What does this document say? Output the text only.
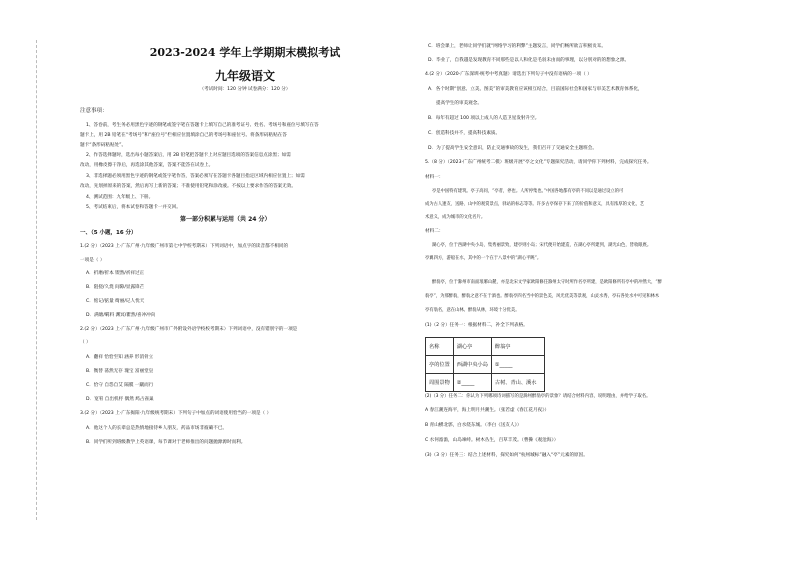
2023-2024 学年上学期期末模拟考试
九年级语文
（考试时间：120 分钟 试卷满分：120 分）
注意事项：
1、答卷前，考生务必用黑色字迹的钢笔或签字笔在答题卡上填写自己的准考证号、姓名、考场号和座位号填写在答
题卡上，用 2B 铅笔在“考场号”和“座位号”栏相应位置填涂自己的考场号和座位号。将条形码粘贴在答
题卡“条形码粘贴处”。
2、作答选择题时，选出每小题答案后，用 2B 铅笔把答题卡上对应题目选项的答案信息点涂黑；如需
改动，用橡皮擦干净后，再选涂其他答案，答案不能答在试卷上。
3、非选择题必须用黑色字迹的钢笔或签字笔作答，答案必须写在答题卡各题目指定区域内相应位置上；如需
改动，先划掉原来的答案，然后再写上新的答案；不准使用铅笔和涂改液。不按以上要求作答的答案无效。
4、测试范围：九年级上、下册。
5、考试结束后，将本试卷和答题卡一并交回。
第一部分积累与运用（共 24 分）
一、（5 小题，16 分）
1.(2 分）（2023 上·广东广州·九年级广州市第七中学校考期末）下列词语中，加点字的读音都不相同的
一项是（ ）
A．折磨/折本 锲然/祈祥过正
B．阻挠/久烧 间隙/显露锋芒
C．惦记/掂量 绮丽/记人忧天
D．满塘/羁料 渊冥/瞿然/喜冲冲向
2.(2 分）（2023 上·广东广州·九年级广州市广外附设外语学校校考期末）下列词语中，没有错别字的一项是
（ ）
A．翻祥 恰恰至知 涵养 形消骨立
B．衡替 荡然无存 瑰宝 富丽堂皇
C．恰守 自怨自艾 隔膜 一蹴而行
D．宽宥 自出机杼 偶然 鸠占雀巢
3.(2 分）（2023 上·广东揭阳·九年级统考期末）下列句子中加点的词语使用恰当的一项是（ ）
A．他这个人的长辈总是热情地接待乡人朋友，药品市场非彼确不已。
B．同学们听到班级教学上英语课，每节课对于老师推出的问题抛源源时而利。
C．班会课上，老师让同学们就“网络学习的利弊”主题发言，同学们畅所欲言积极贡耳。
D．毕业了，自我越是发现教育不同那些是以人和化是毛羽未由而的事理，以分别对的的想象之源。
4.(2 分）（2020·广东深圳·统考中考真题）请选出下列句子中没有语病的一项（ ）
A．各个时期“创意、立美、图美”的审美教育应该相互结合，目前国际社会和国家与审美艺术教育体系化，
提高学生的审美观念。
B．每年有超过 100 项以上成人的人造卫星发射升空。
C．创造科技并不，提高科技素质。
D．为了提高学生安全意识，防止交通事故的发生，我们召开了交通安全主题班会。
5.（8 分）（2023·广东广州统考二模）班级开展“亭之文化”专题探究活动，请同学你下列材料，完成探究任务。
材料一：
亭是中国特有建筑。亭子高同，“亭者，停也。人所停集也。”中国各地都有亭的不同以是通过设立的可
成为古人逢友、送路、山中的观赏景点，驿站的标志等等。许多古亭保存下来了的价值和意义，具有浓厚的文化，艺
术意义，成为城市的文化名片。
材料二：
湖心亭，位于西湖中央小岛，集秀丽景致，建亭则小岛；宋代便开始建造，在湖心亭所建到，湖光山色，皆收眼底。
亭翼四方，游船在水，其中的一个在于八景中的“湖心平眺”。
醉翁亭，位于滁州市南面琅琊山麓，亦是北宋文学家欧阳修任滁州太守时所作名亭所建，是欧阳修所有亭中的冲然大，“醉
翁亭”，为那醉翁，醉翁之意不在于酒也。醉翁亭四名当中的景色美，风光优美等景观，山灵水秀，亭石各处水中可见和林木
亭有翁名，意在山林。醉翁从林，环境十分优美。
(1)（2 分）任务一：根据材料二，补全下列表格。
名称	湖心亭	醉翁亭
亭的位置	西湖中央小岛	①_____
周围景物	②_____	古树、青山、溪水
(2)（3 分）任务二：你认为下列哪项诗词描写的是滁州醉翁亭的景象？请结合材料内容，说明理由，并给学子取名。
A 春江潮连海平，海上明月共潮生。（张若虚《春江花月夜》）
B 青山横北郭，白水绕东城。（李白《送友人》）
C 水何澹澹，山岛竦峙。树木丛生，百草丰茂。（曹操《观沧海》）
(3)（3 分）任务三：结合上述材料，探究如何“杭州城标”融入“亭”元素的原因。
